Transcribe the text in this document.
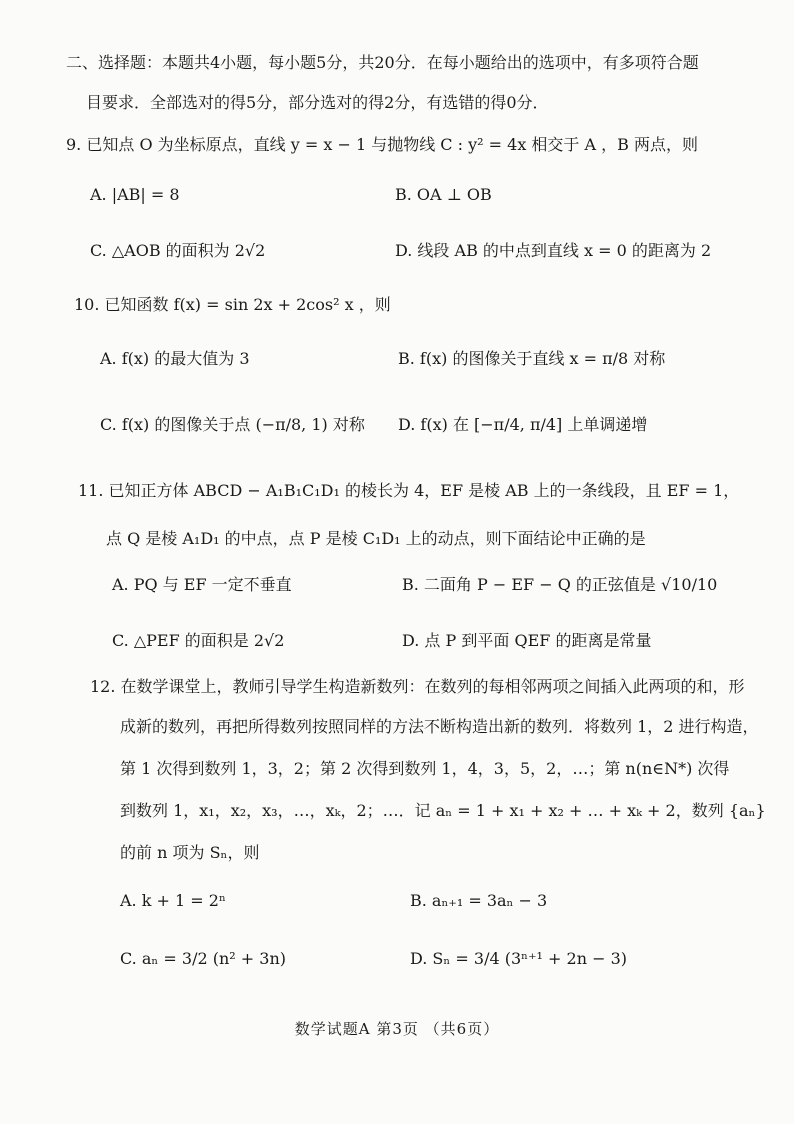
二、选择题：本题共4小题，每小题5分，共20分．在每小题给出的选项中，有多项符合题
目要求．全部选对的得5分，部分选对的得2分，有选错的得0分．
9. 已知点 O 为坐标原点，直线 y = x − 1 与抛物线 C : y² = 4x 相交于 A ，B 两点，则
A. |AB| = 8	B. OA ⊥ OB
C. △AOB 的面积为 2√2	D. 线段 AB 的中点到直线 x = 0 的距离为 2
10. 已知函数 f(x) = sin 2x + 2cos² x ，则
A. f(x) 的最大值为 3	B. f(x) 的图像关于直线 x = π/8 对称
C. f(x) 的图像关于点 (−π/8, 1) 对称 D. f(x) 在 [−π/4, π/4] 上单调递增
11. 已知正方体 ABCD − A₁B₁C₁D₁ 的棱长为 4，EF 是棱 AB 上的一条线段，且 EF = 1，
点 Q 是棱 A₁D₁ 的中点，点 P 是棱 C₁D₁ 上的动点，则下面结论中正确的是
A. PQ 与 EF 一定不垂直	B. 二面角 P − EF − Q 的正弦值是 √10/10
C. △PEF 的面积是 2√2	D. 点 P 到平面 QEF 的距离是常量
12. 在数学课堂上，教师引导学生构造新数列：在数列的每相邻两项之间插入此两项的和，形
成新的数列，再把所得数列按照同样的方法不断构造出新的数列．将数列 1，2 进行构造，
第 1 次得到数列 1，3，2；第 2 次得到数列 1，4，3，5，2，…；第 n(n∈N*) 次得
到数列 1，x₁，x₂，x₃，…，xₖ，2；…．记 aₙ = 1 + x₁ + x₂ + … + xₖ + 2，数列 {aₙ}
的前 n 项为 Sₙ，则
A. k + 1 = 2ⁿ	B. aₙ₊₁ = 3aₙ − 3
C. aₙ = 3/2 (n² + 3n)	D. Sₙ = 3/4 (3ⁿ⁺¹ + 2n − 3)
数学试题A 第3页 （共6页）
